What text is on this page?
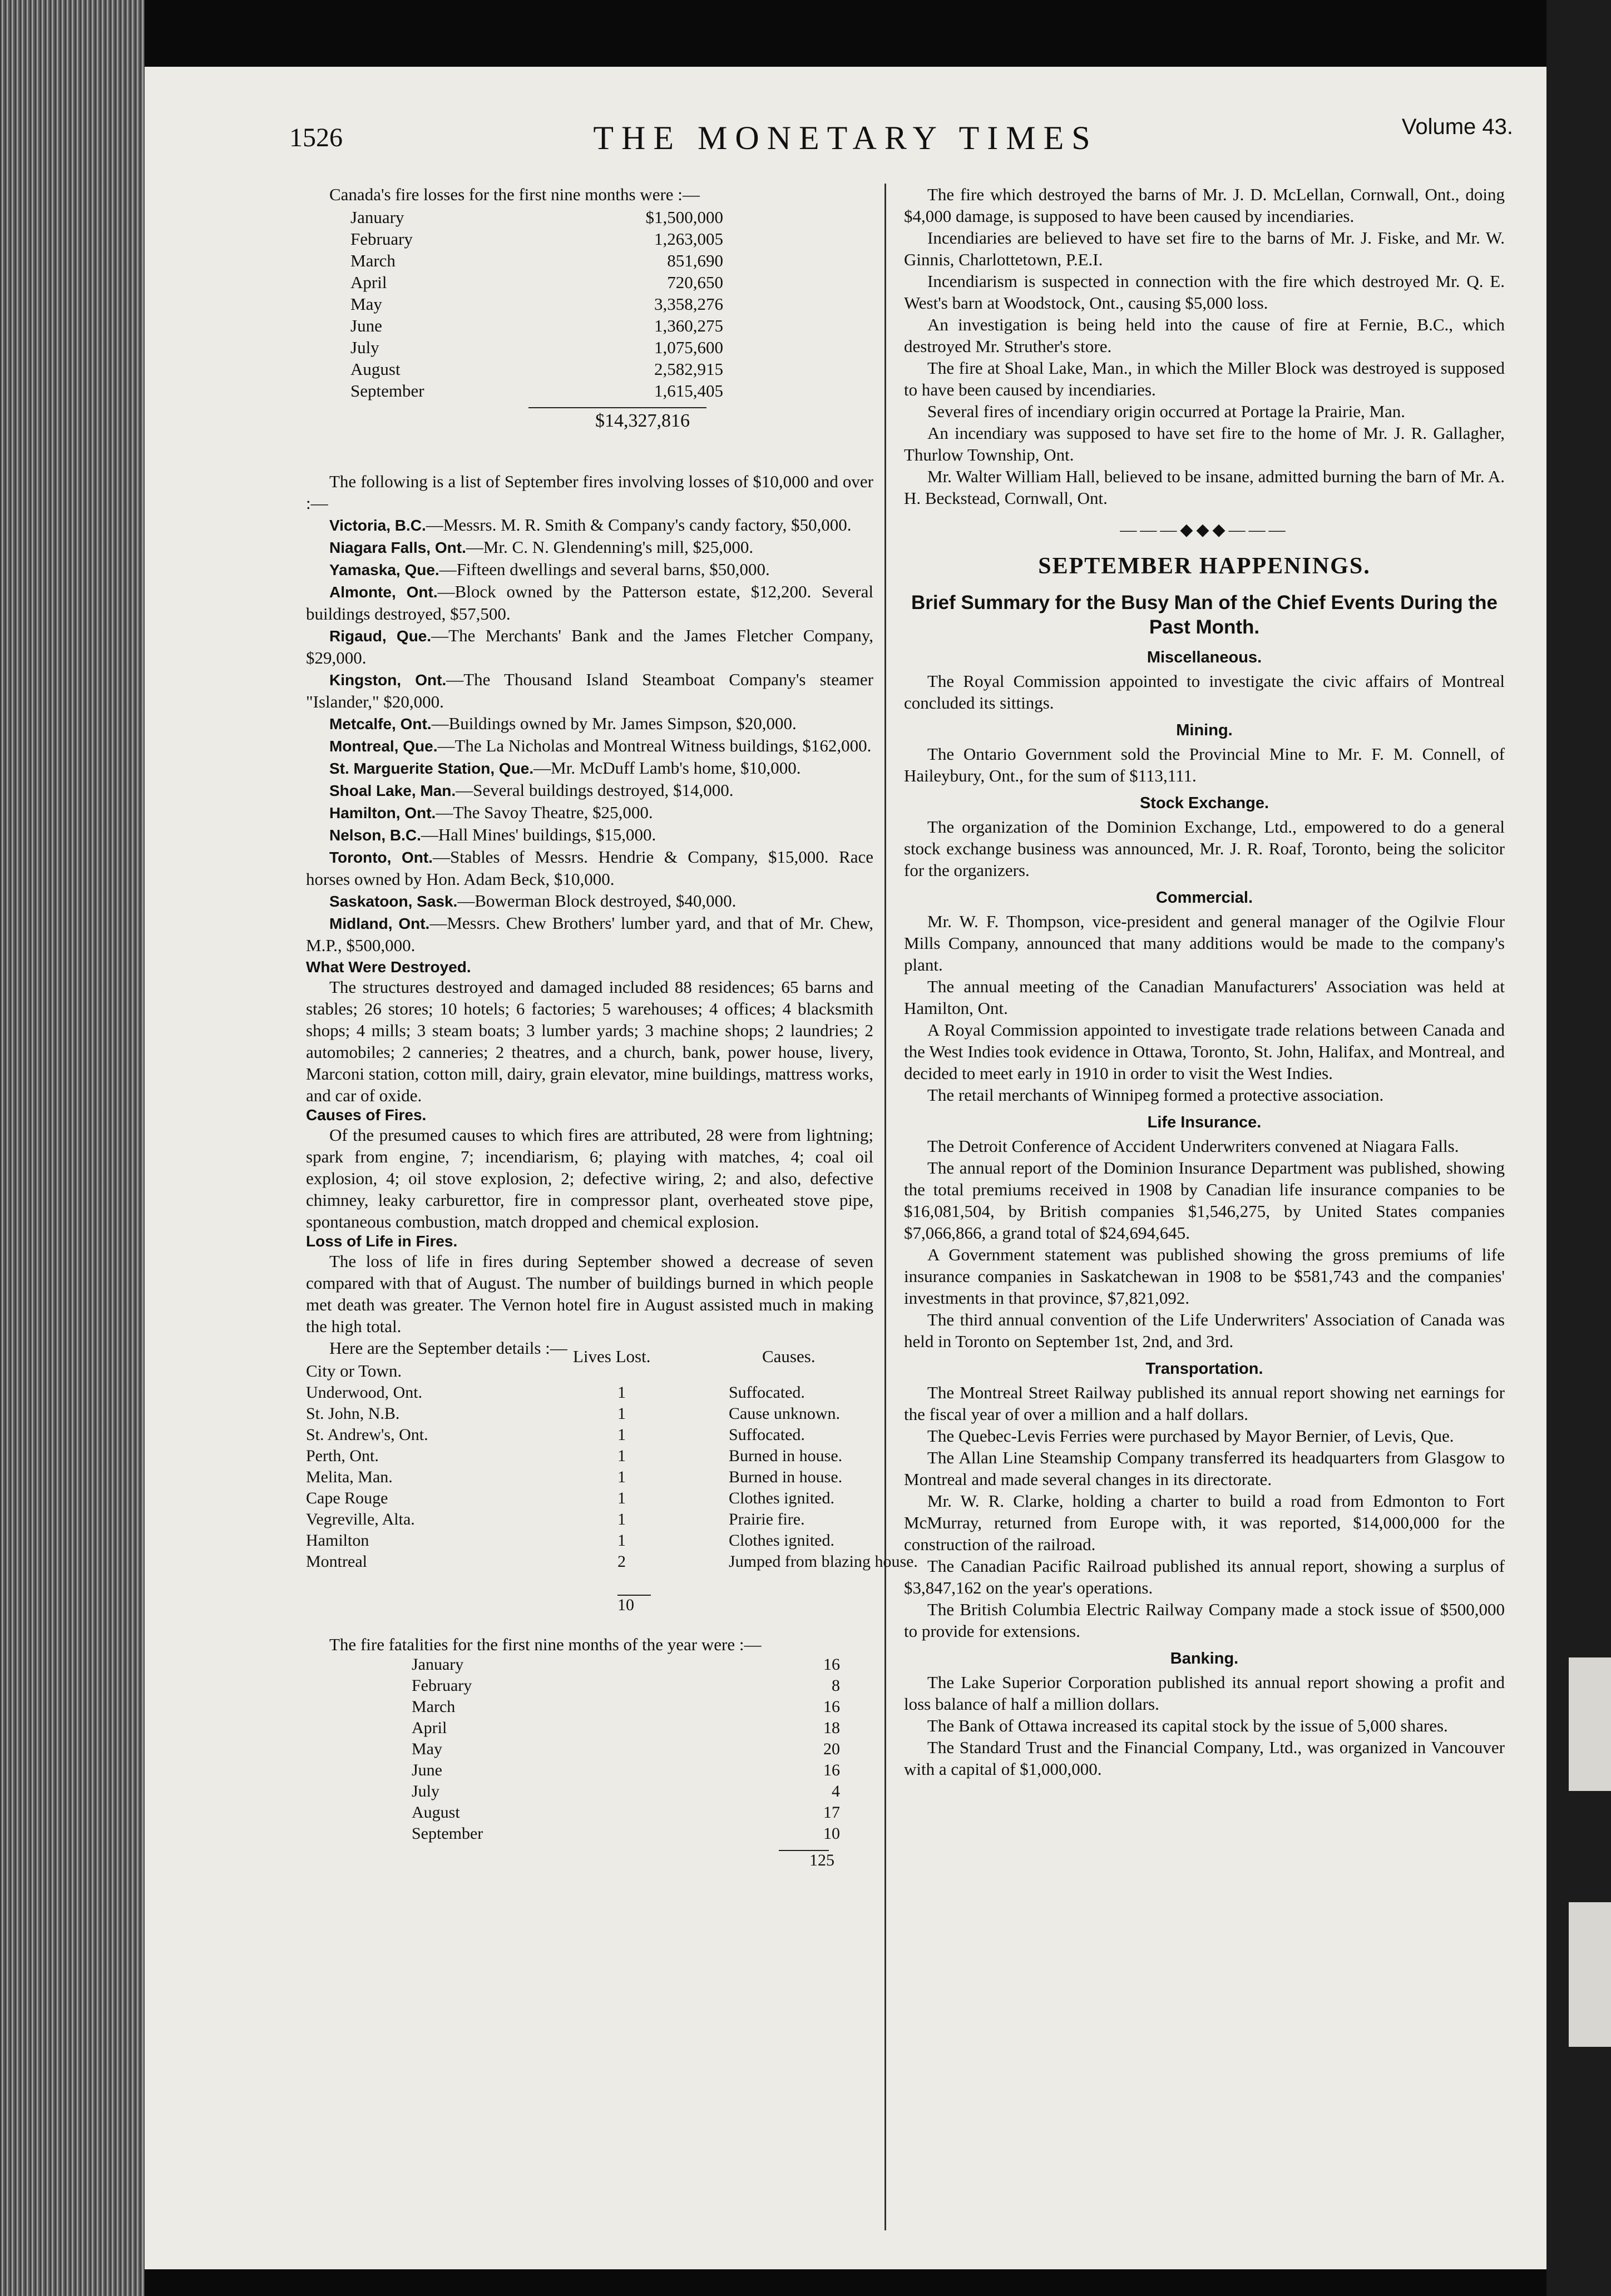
1526	THE MONETARY TIMES	Volume 43.

Canada's fire losses for the first nine months were :—

January	$1,500,000
February	1,263,005
March	851,690
April	720,650
May	3,358,276
June	1,360,275
July	1,075,600
August	2,582,915
September	1,615,405
$14,327,816

The following is a list of September fires involving losses of $10,000 and over :—

Victoria, B.C.—Messrs. M. R. Smith & Company's candy factory, $50,000.

Niagara Falls, Ont.—Mr. C. N. Glendenning's mill, $25,000.

Yamaska, Que.—Fifteen dwellings and several barns, $50,000.

Almonte, Ont.—Block owned by the Patterson estate, $12,200. Several buildings destroyed, $57,500.

Rigaud, Que.—The Merchants' Bank and the James Fletcher Company, $29,000.

Kingston, Ont.—The Thousand Island Steamboat Company's steamer "Islander," $20,000.

Metcalfe, Ont.—Buildings owned by Mr. James Simpson, $20,000.

Montreal, Que.—The La Nicholas and Montreal Witness buildings, $162,000.

St. Marguerite Station, Que.—Mr. McDuff Lamb's home, $10,000.

Shoal Lake, Man.—Several buildings destroyed, $14,000.

Hamilton, Ont.—The Savoy Theatre, $25,000.

Nelson, B.C.—Hall Mines' buildings, $15,000.

Toronto, Ont.—Stables of Messrs. Hendrie & Company, $15,000. Race horses owned by Hon. Adam Beck, $10,000.

Saskatoon, Sask.—Bowerman Block destroyed, $40,000.

Midland, Ont.—Messrs. Chew Brothers' lumber yard, and that of Mr. Chew, M.P., $500,000.

What Were Destroyed.

The structures destroyed and damaged included 88 residences; 65 barns and stables; 26 stores; 10 hotels; 6 factories; 5 warehouses; 4 offices; 4 blacksmith shops; 4 mills; 3 steam boats; 3 lumber yards; 3 machine shops; 2 laundries; 2 automobiles; 2 canneries; 2 theatres, and a church, bank, power house, livery, Marconi station, cotton mill, dairy, grain elevator, mine buildings, mattress works, and car of oxide.

Causes of Fires.

Of the presumed causes to which fires are attributed, 28 were from lightning; spark from engine, 7; incendiarism, 6; playing with matches, 4; coal oil explosion, 4; oil stove explosion, 2; defective wiring, 2; and also, defective chimney, leaky carburettor, fire in compressor plant, overheated stove pipe, spontaneous combustion, match dropped and chemical explosion.

Loss of Life in Fires.

The loss of life in fires during September showed a decrease of seven compared with that of August. The number of buildings burned in which people met death was greater. The Vernon hotel fire in August assisted much in making the high total.

Here are the September details :—

City or Town.
Lives Lost.	Causes.
Underwood, Ont.	1	Suffocated.
St. John, N.B.	1	Cause unknown.
St. Andrew's, Ont.	1	Suffocated.
Perth, Ont.	1	Burned in house.
Melita, Man.	1	Burned in house.
Cape Rouge	1	Clothes ignited.
Vegreville, Alta.	1	Prairie fire.
Hamilton	1	Clothes ignited.
Montreal	2	Jumped from blazing house.
10

The fire fatalities for the first nine months of the year were :—

January	16
February	8
March	16
April	18
May	20
June	16
July	4
August	17
September	10
125

The fire which destroyed the barns of Mr. J. D. McLellan, Cornwall, Ont., doing $4,000 damage, is supposed to have been caused by incendiaries.

Incendiaries are believed to have set fire to the barns of Mr. J. Fiske, and Mr. W. Ginnis, Charlottetown, P.E.I.

Incendiarism is suspected in connection with the fire which destroyed Mr. Q. E. West's barn at Woodstock, Ont., causing $5,000 loss.

An investigation is being held into the cause of fire at Fernie, B.C., which destroyed Mr. Struther's store.

The fire at Shoal Lake, Man., in which the Miller Block was destroyed is supposed to have been caused by incendiaries.

Several fires of incendiary origin occurred at Portage la Prairie, Man.

An incendiary was supposed to have set fire to the home of Mr. J. R. Gallagher, Thurlow Township, Ont.

Mr. Walter William Hall, believed to be insane, admitted burning the barn of Mr. A. H. Beckstead, Cornwall, Ont.

———◆◆◆———
SEPTEMBER HAPPENINGS.
Brief Summary for the Busy Man of the Chief Events During the Past Month.
Miscellaneous.

The Royal Commission appointed to investigate the civic affairs of Montreal concluded its sittings.

Mining.

The Ontario Government sold the Provincial Mine to Mr. F. M. Connell, of Haileybury, Ont., for the sum of $113,111.

Stock Exchange.

The organization of the Dominion Exchange, Ltd., empowered to do a general stock exchange business was announced, Mr. J. R. Roaf, Toronto, being the solicitor for the organizers.

Commercial.

Mr. W. F. Thompson, vice-president and general manager of the Ogilvie Flour Mills Company, announced that many additions would be made to the company's plant.

The annual meeting of the Canadian Manufacturers' Association was held at Hamilton, Ont.

A Royal Commission appointed to investigate trade relations between Canada and the West Indies took evidence in Ottawa, Toronto, St. John, Halifax, and Montreal, and decided to meet early in 1910 in order to visit the West Indies.

The retail merchants of Winnipeg formed a protective association.

Life Insurance.

The Detroit Conference of Accident Underwriters convened at Niagara Falls.

The annual report of the Dominion Insurance Department was published, showing the total premiums received in 1908 by Canadian life insurance companies to be $16,081,504, by British companies $1,546,275, by United States companies $7,066,866, a grand total of $24,694,645.

A Government statement was published showing the gross premiums of life insurance companies in Saskatchewan in 1908 to be $581,743 and the companies' investments in that province, $7,821,092.

The third annual convention of the Life Underwriters' Association of Canada was held in Toronto on September 1st, 2nd, and 3rd.

Transportation.

The Montreal Street Railway published its annual report showing net earnings for the fiscal year of over a million and a half dollars.

The Quebec-Levis Ferries were purchased by Mayor Bernier, of Levis, Que.

The Allan Line Steamship Company transferred its headquarters from Glasgow to Montreal and made several changes in its directorate.

Mr. W. R. Clarke, holding a charter to build a road from Edmonton to Fort McMurray, returned from Europe with, it was reported, $14,000,000 for the construction of the railroad.

The Canadian Pacific Railroad published its annual report, showing a surplus of $3,847,162 on the year's operations.

The British Columbia Electric Railway Company made a stock issue of $500,000 to provide for extensions.

Banking.

The Lake Superior Corporation published its annual report showing a profit and loss balance of half a million dollars.

The Bank of Ottawa increased its capital stock by the issue of 5,000 shares.

The Standard Trust and the Financial Company, Ltd., was organized in Vancouver with a capital of $1,000,000.
